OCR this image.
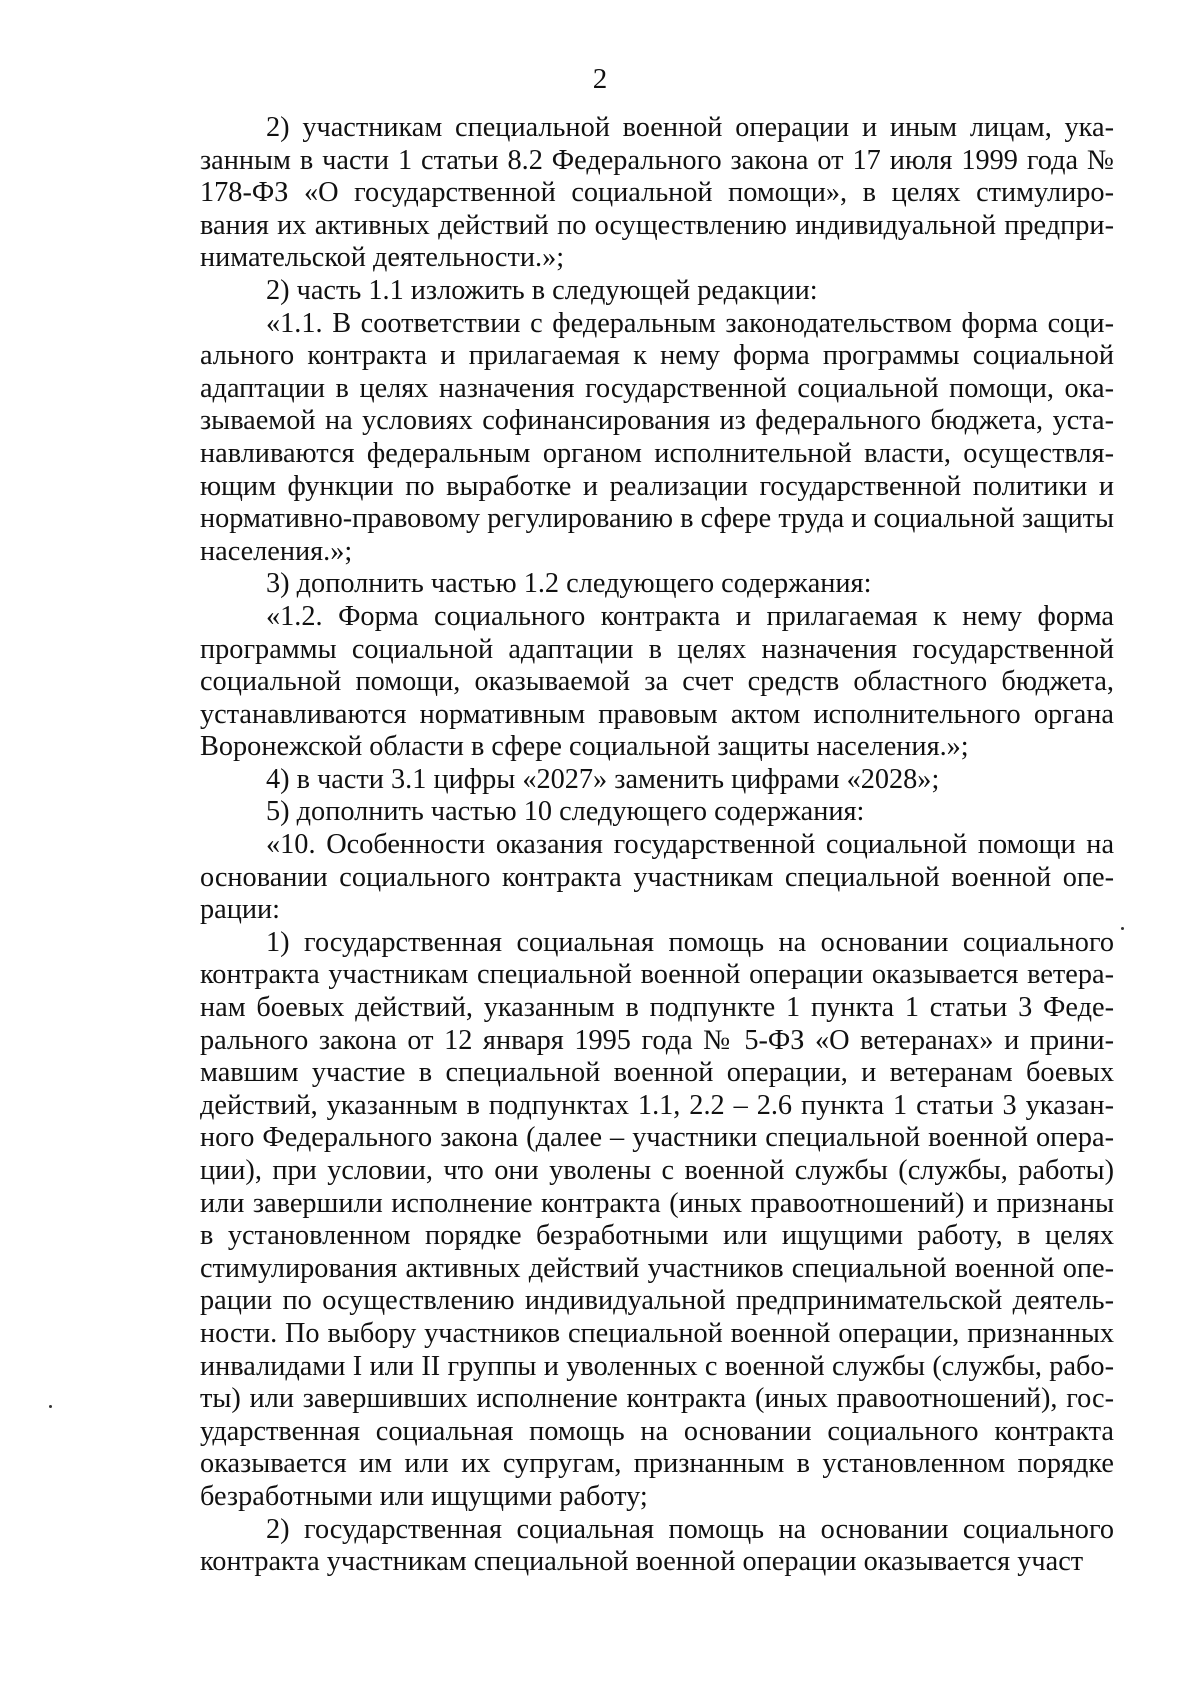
2

2) участникам специальной военной операции и иным лицам, указанным в части 1 статьи 8.2 Федерального закона от 17 июля 1999 года № 178-ФЗ «О государственной социальной помощи», в целях стимулирования их активных действий по осуществлению индивидуальной предпринимательской деятельности.»;

2) часть 1.1 изложить в следующей редакции:

«1.1. В соответствии с федеральным законодательством форма социального контракта и прилагаемая к нему форма программы социальной адаптации в целях назначения государственной социальной помощи, оказываемой на условиях софинансирования из федерального бюджета, устанавливаются федеральным органом исполнительной власти, осуществляющим функции по выработке и реализации государственной политики и нормативно-правовому регулированию в сфере труда и социальной защиты населения.»;

3) дополнить частью 1.2 следующего содержания:

«1.2. Форма социального контракта и прилагаемая к нему форма программы социальной адаптации в целях назначения государственной социальной помощи, оказываемой за счет средств областного бюджета, устанавливаются нормативным правовым актом исполнительного органа Воронежской области в сфере социальной защиты населения.»;

4) в части 3.1 цифры «2027» заменить цифрами «2028»;

5) дополнить частью 10 следующего содержания:

«10. Особенности оказания государственной социальной помощи на основании социального контракта участникам специальной военной операции:

1) государственная социальная помощь на основании социального контракта участникам специальной военной операции оказывается ветеранам боевых действий, указанным в подпункте 1 пункта 1 статьи 3 Федерального закона от 12 января 1995 года № 5-ФЗ «О ветеранах» и принимавшим участие в специальной военной операции, и ветеранам боевых действий, указанным в подпунктах 1.1, 2.2 – 2.6 пункта 1 статьи 3 указанного Федерального закона (далее – участники специальной военной операции), при условии, что они уволены с военной службы (службы, работы) или завершили исполнение контракта (иных правоотношений) и признаны в установленном порядке безработными или ищущими работу, в целях стимулирования активных действий участников специальной военной операции по осуществлению индивидуальной предпринимательской деятельности. По выбору участников специальной военной операции, признанных инвалидами I или II группы и уволенных с военной службы (службы, работы) или завершивших исполнение контракта (иных правоотношений), государственная социальная помощь на основании социального контракта оказывается им или их супругам, признанным в установленном порядке безработными или ищущими работу;

2) государственная социальная помощь на основании социального контракта участникам специальной военной операции оказывается участ
